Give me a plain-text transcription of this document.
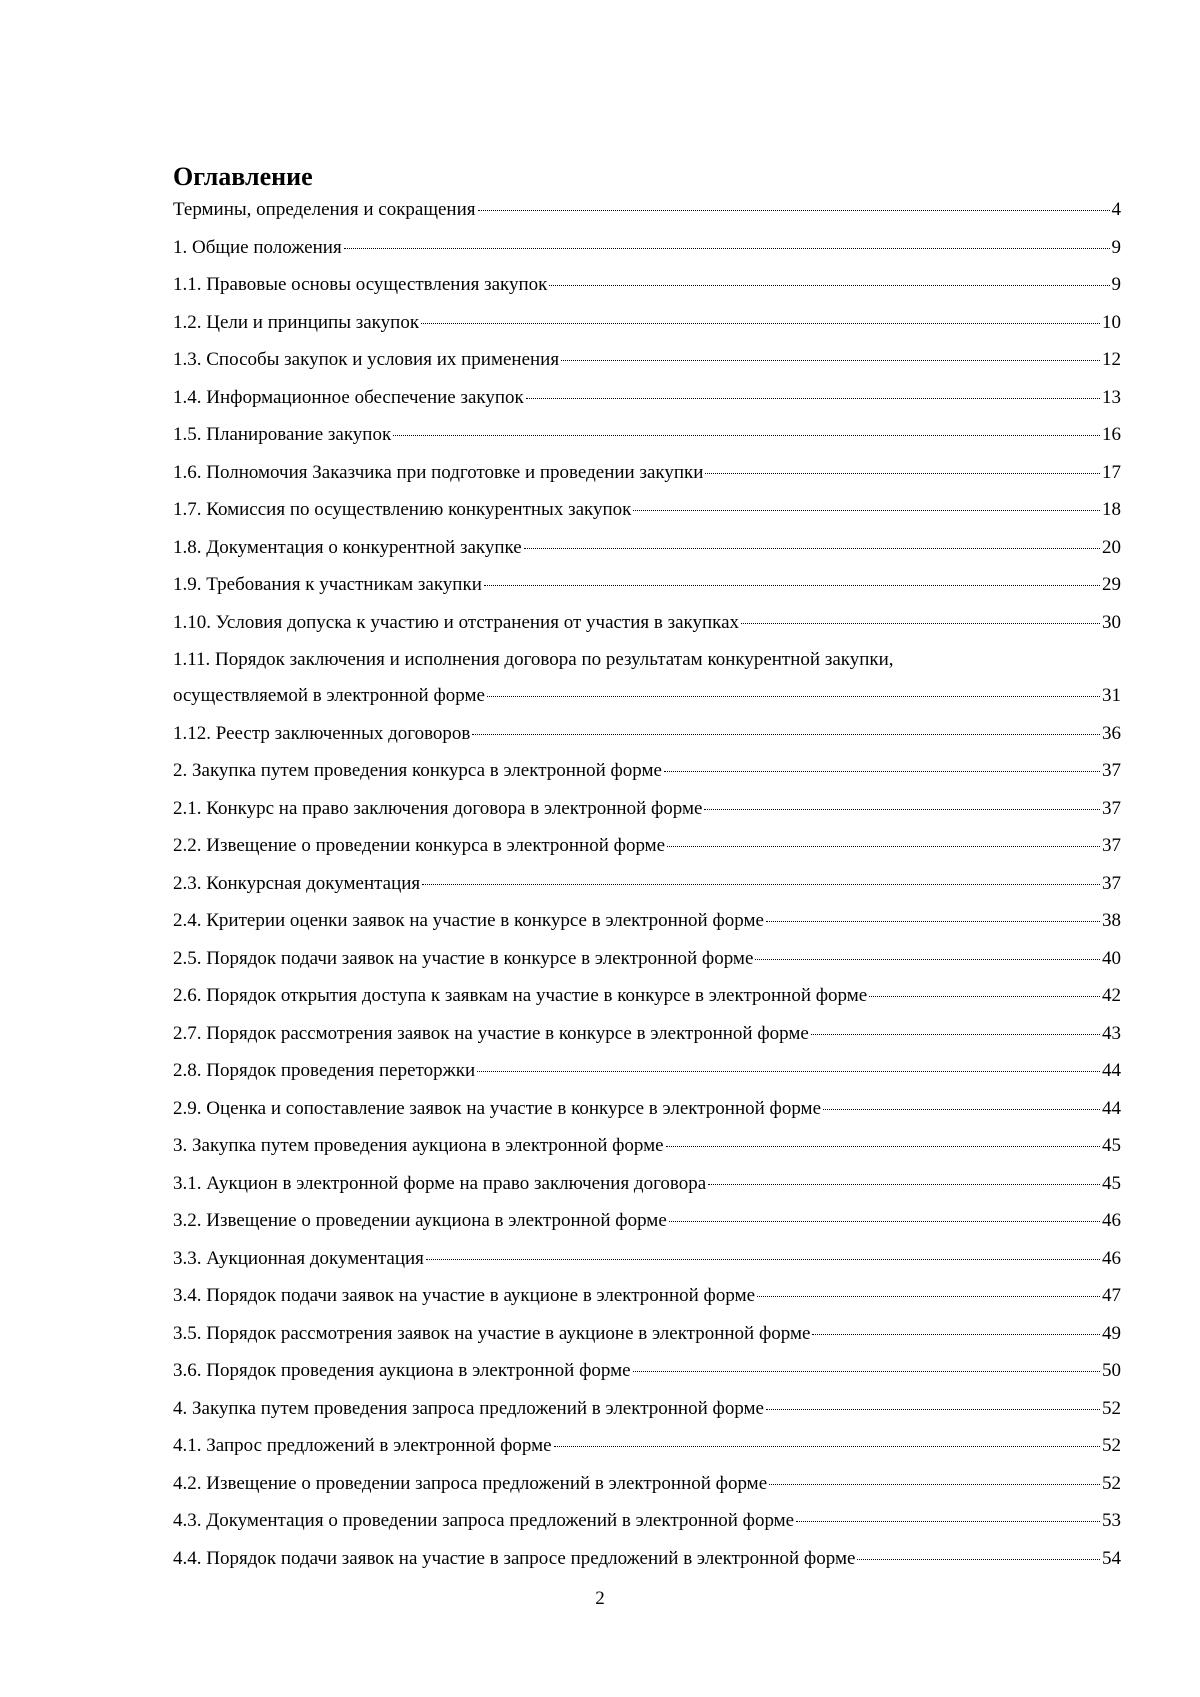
Оглавление
Термины, определения и сокращения	4
1. Общие положения	9
1.1. Правовые основы осуществления закупок	9
1.2. Цели и принципы закупок	10
1.3. Способы закупок и условия их применения	12
1.4. Информационное обеспечение закупок	13
1.5. Планирование закупок	16
1.6. Полномочия Заказчика при подготовке и проведении закупки	17
1.7. Комиссия по осуществлению конкурентных закупок	18
1.8. Документация о конкурентной закупке	20
1.9. Требования к участникам закупки	29
1.10. Условия допуска к участию и отстранения от участия в закупках	30
1.11. Порядок заключения и исполнения договора по результатам конкурентной закупки,
осуществляемой в электронной форме	31
1.12. Реестр заключенных договоров	36
2. Закупка путем проведения конкурса в электронной форме	37
2.1. Конкурс на право заключения договора в электронной форме	37
2.2. Извещение о проведении конкурса в электронной форме	37
2.3. Конкурсная документация	37
2.4. Критерии оценки заявок на участие в конкурсе в электронной форме	38
2.5. Порядок подачи заявок на участие в конкурсе в электронной форме	40
2.6. Порядок открытия доступа к заявкам на участие в конкурсе в электронной форме	42
2.7. Порядок рассмотрения заявок на участие в конкурсе в электронной форме	43
2.8. Порядок проведения переторжки	44
2.9. Оценка и сопоставление заявок на участие в конкурсе в электронной форме	44
3. Закупка путем проведения аукциона в электронной форме	45
3.1. Аукцион в электронной форме на право заключения договора	45
3.2. Извещение о проведении аукциона в электронной форме	46
3.3. Аукционная документация	46
3.4. Порядок подачи заявок на участие в аукционе в электронной форме	47
3.5. Порядок рассмотрения заявок на участие в аукционе в электронной форме	49
3.6. Порядок проведения аукциона в электронной форме	50
4. Закупка путем проведения запроса предложений в электронной форме	52
4.1. Запрос предложений в электронной форме	52
4.2. Извещение о проведении запроса предложений в электронной форме	52
4.3. Документация о проведении запроса предложений в электронной форме	53
4.4. Порядок подачи заявок на участие в запросе предложений в электронной форме	54
2
